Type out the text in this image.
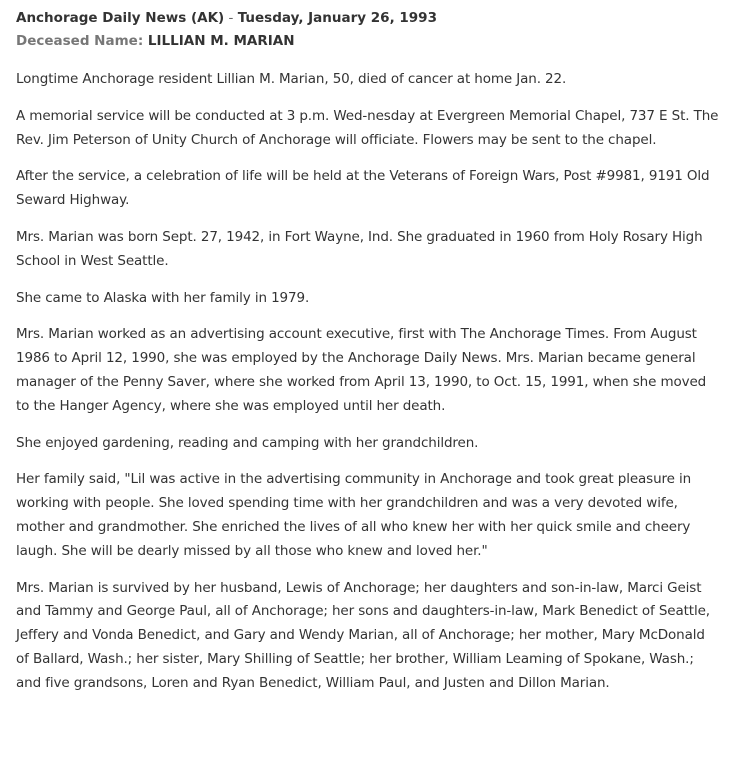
Anchorage Daily News (AK) - Tuesday, January 26, 1993
Deceased Name: LILLIAN M. MARIAN

Longtime Anchorage resident Lillian M. Marian, 50, died of cancer at home Jan. 22.

A memorial service will be conducted at 3 p.m. Wed-nesday at Evergreen Memorial Chapel, 737 E St. The Rev. Jim Peterson of Unity Church of Anchorage will officiate. Flowers may be sent to the chapel.

After the service, a celebration of life will be held at the Veterans of Foreign Wars, Post #9981, 9191 Old Seward Highway.

Mrs. Marian was born Sept. 27, 1942, in Fort Wayne, Ind. She graduated in 1960 from Holy Rosary High School in West Seattle.

She came to Alaska with her family in 1979.

Mrs. Marian worked as an advertising account executive, first with The Anchorage Times. From August 1986 to April 12, 1990, she was employed by the Anchorage Daily News. Mrs. Marian became general manager of the Penny Saver, where she worked from April 13, 1990, to Oct. 15, 1991, when she moved to the Hanger Agency, where she was employed until her death.

She enjoyed gardening, reading and camping with her grandchildren.

Her family said, "Lil was active in the advertising community in Anchorage and took great pleasure in working with people. She loved spending time with her grandchildren and was a very devoted wife, mother and grandmother. She enriched the lives of all who knew her with her quick smile and cheery laugh. She will be dearly missed by all those who knew and loved her."

Mrs. Marian is survived by her husband, Lewis of Anchorage; her daughters and son-in-law, Marci Geist and Tammy and George Paul, all of Anchorage; her sons and daughters-in-law, Mark Benedict of Seattle, Jeffery and Vonda Benedict, and Gary and Wendy Marian, all of Anchorage; her mother, Mary McDonald of Ballard, Wash.; her sister, Mary Shilling of Seattle; her brother, William Leaming of Spokane, Wash.; and five grandsons, Loren and Ryan Benedict, William Paul, and Justen and Dillon Marian.
